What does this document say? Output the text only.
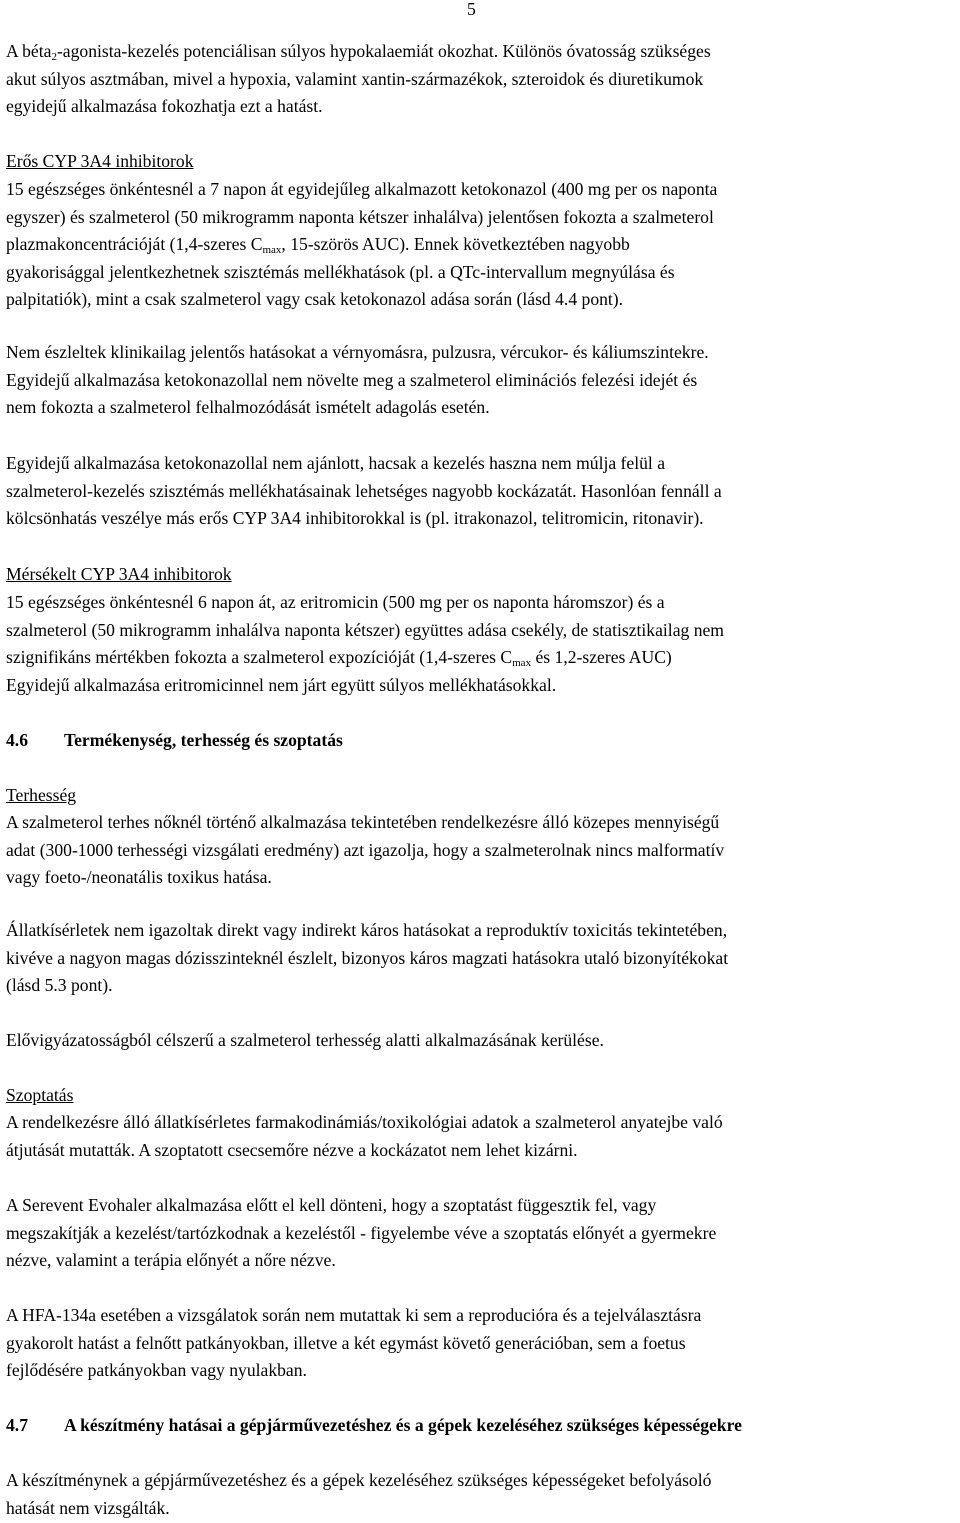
5

A béta$_2$-agonista-kezelés potenciálisan súlyos hypokalaemiát okozhat. Különös óvatosság szükséges
akut súlyos asztmában, mivel a hypoxia, valamint xantin-származékok, szteroidok és diuretikumok
egyidejű alkalmazása fokozhatja ezt a hatást.

Erős CYP 3A4 inhibitorok

15 egészséges önkéntesnél a 7 napon át egyidejűleg alkalmazott ketokonazol (400 mg per os naponta
egyszer) és szalmeterol (50 mikrogramm naponta kétszer inhalálva) jelentősen fokozta a szalmeterol
plazmakoncentrációját (1,4-szeres $C_{max}$, 15-szörös AUC). Ennek következtében nagyobb
gyakorisággal jelentkezhetnek szisztémás mellékhatások (pl. a QTc-intervallum megnyúlása és
palpitatiók), mint a csak szalmeterol vagy csak ketokonazol adása során (lásd 4.4 pont).

Nem észleltek klinikailag jelentős hatásokat a vérnyomásra, pulzusra, vércukor- és káliumszintekre.
Egyidejű alkalmazása ketokonazollal nem növelte meg a szalmeterol eliminációs felezési idejét és
nem fokozta a szalmeterol felhalmozódását ismételt adagolás esetén.

Egyidejű alkalmazása ketokonazollal nem ajánlott, hacsak a kezelés haszna nem múlja felül a
szalmeterol-kezelés szisztémás mellékhatásainak lehetséges nagyobb kockázatát. Hasonlóan fennáll a
kölcsönhatás veszélye más erős CYP 3A4 inhibitorokkal is (pl. itrakonazol, telitromicin, ritonavir).

Mérsékelt CYP 3A4 inhibitorok

15 egészséges önkéntesnél 6 napon át, az eritromicin (500 mg per os naponta háromszor) és a
szalmeterol (50 mikrogramm inhalálva naponta kétszer) együttes adása csekély, de statisztikailag nem
szignifikáns mértékben fokozta a szalmeterol expozícióját (1,4-szeres $C_{max}$ és 1,2-szeres AUC)
Egyidejű alkalmazása eritromicinnel nem járt együtt súlyos mellékhatásokkal.

4.6 Termékenység, terhesség és szoptatás

Terhesség

A szalmeterol terhes nőknél történő alkalmazása tekintetében rendelkezésre álló közepes mennyiségű
adat (300-1000 terhességi vizsgálati eredmény) azt igazolja, hogy a szalmeterolnak nincs malformatív
vagy foeto-/neonatális toxikus hatása.

Állatkísérletek nem igazoltak direkt vagy indirekt káros hatásokat a reproduktív toxicitás tekintetében,
kivéve a nagyon magas dózisszinteknél észlelt, bizonyos káros magzati hatásokra utaló bizonyítékokat
(lásd 5.3 pont).

Elővigyázatosságból célszerű a szalmeterol terhesség alatti alkalmazásának kerülése.

Szoptatás

A rendelkezésre álló állatkísérletes farmakodinámiás/toxikológiai adatok a szalmeterol anyatejbe való
átjutását mutatták. A szoptatott csecsemőre nézve a kockázatot nem lehet kizárni.

A Serevent Evohaler alkalmazása előtt el kell dönteni, hogy a szoptatást függesztik fel, vagy
megszakítják a kezelést/tartózkodnak a kezeléstől - figyelembe véve a szoptatás előnyét a gyermekre
nézve, valamint a terápia előnyét a nőre nézve.

A HFA-134a esetében a vizsgálatok során nem mutattak ki sem a reproducióra és a tejelválasztásra
gyakorolt hatást a felnőtt patkányokban, illetve a két egymást követő generációban, sem a foetus
fejlődésére patkányokban vagy nyulakban.

4.7 A készítmény hatásai a gépjárművezetéshez és a gépek kezeléséhez szükséges képességekre

A készítménynek a gépjárművezetéshez és a gépek kezeléséhez szükséges képességeket befolyásoló
hatását nem vizsgálták.
